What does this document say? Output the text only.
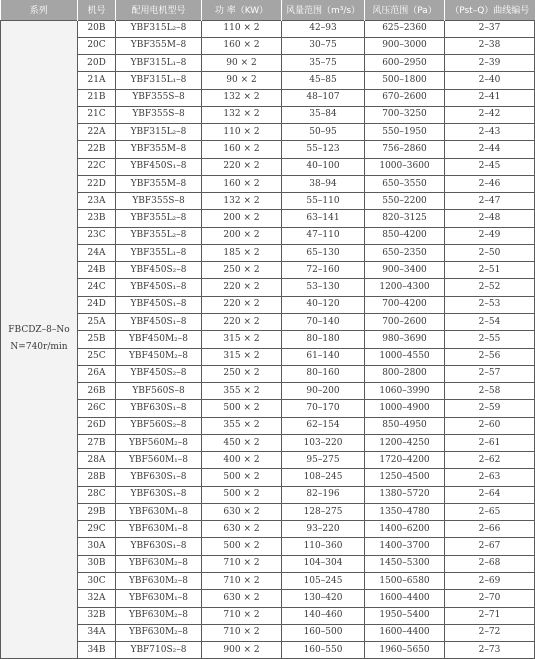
系列	机号	配用电机型号	功 率（KW）	风量范围（m³/s）	风压范围（Pa）	（Pst–Q）曲线编号

FBCDZ–8–No
N=740r/min	20B	YBF315L₂–8	110 × 2	42–93	625–2360	2–37
	20C	YBF355M–8	160 × 2	30–75	900–3000	2–38
	20D	YBF315L₁–8	90 × 2	35–75	600–2950	2–39
	21A	YBF315L₁–8	90 × 2	45–85	500–1800	2–40
	21B	YBF355S–8	132 × 2	48–107	670–2600	2–41
	21C	YBF355S–8	132 × 2	35–84	700–3250	2–42
	22A	YBF315L₂–8	110 × 2	50–95	550–1950	2–43
	22B	YBF355M–8	160 × 2	55–123	756–2860	2–44
	22C	YBF450S₁–8	220 × 2	40–100	1000–3600	2–45
	22D	YBF355M–8	160 × 2	38–94	650–3550	2–46
	23A	YBF355S–8	132 × 2	55–110	550–2200	2–47
	23B	YBF355L₂–8	200 × 2	63–141	820–3125	2–48
	23C	YBF355L₂–8	200 × 2	47–110	850–4200	2–49
	24A	YBF355L₁–8	185 × 2	65–130	650–2350	2–50
	24B	YBF450S₂–8	250 × 2	72–160	900–3400	2–51
	24C	YBF450S₁–8	220 × 2	53–130	1200–4300	2–52
	24D	YBF450S₁–8	220 × 2	40–120	700–4200	2–53
	25A	YBF450S₁–8	220 × 2	70–140	700–2600	2–54
	25B	YBF450M₂–8	315 × 2	80–180	980–3690	2–55
	25C	YBF450M₂–8	315 × 2	61–140	1000–4550	2–56
	26A	YBF450S₂–8	250 × 2	80–160	800–2800	2–57
	26B	YBF560S–8	355 × 2	90–200	1060–3990	2–58
	26C	YBF630S₁–8	500 × 2	70–170	1000–4900	2–59
	26D	YBF560S₂–8	355 × 2	62–154	850–4950	2–60
	27B	YBF560M₂–8	450 × 2	103–220	1200–4250	2–61
	28A	YBF560M₁–8	400 × 2	95–275	1720–4200	2–62
	28B	YBF630S₁–8	500 × 2	108–245	1250–4500	2–63
	28C	YBF630S₁–8	500 × 2	82–196	1380–5720	2–64
	29B	YBF630M₁–8	630 × 2	128–275	1350–4780	2–65
	29C	YBF630M₁–8	630 × 2	93–220	1400–6200	2–66
	30A	YBF630S₁–8	500 × 2	110–360	1400–3700	2–67
	30B	YBF630M₂–8	710 × 2	104–304	1450–5300	2–68
	30C	YBF630M₂–8	710 × 2	105–245	1500–6580	2–69
	32A	YBF630M₁–8	630 × 2	130–420	1600–4400	2–70
	32B	YBF630M₂–8	710 × 2	140–460	1950–5400	2–71
	34A	YBF630M₂–8	710 × 2	160–500	1600–4400	2–72
	34B	YBF710S₂–8	900 × 2	160–550	1960–5650	2–73
